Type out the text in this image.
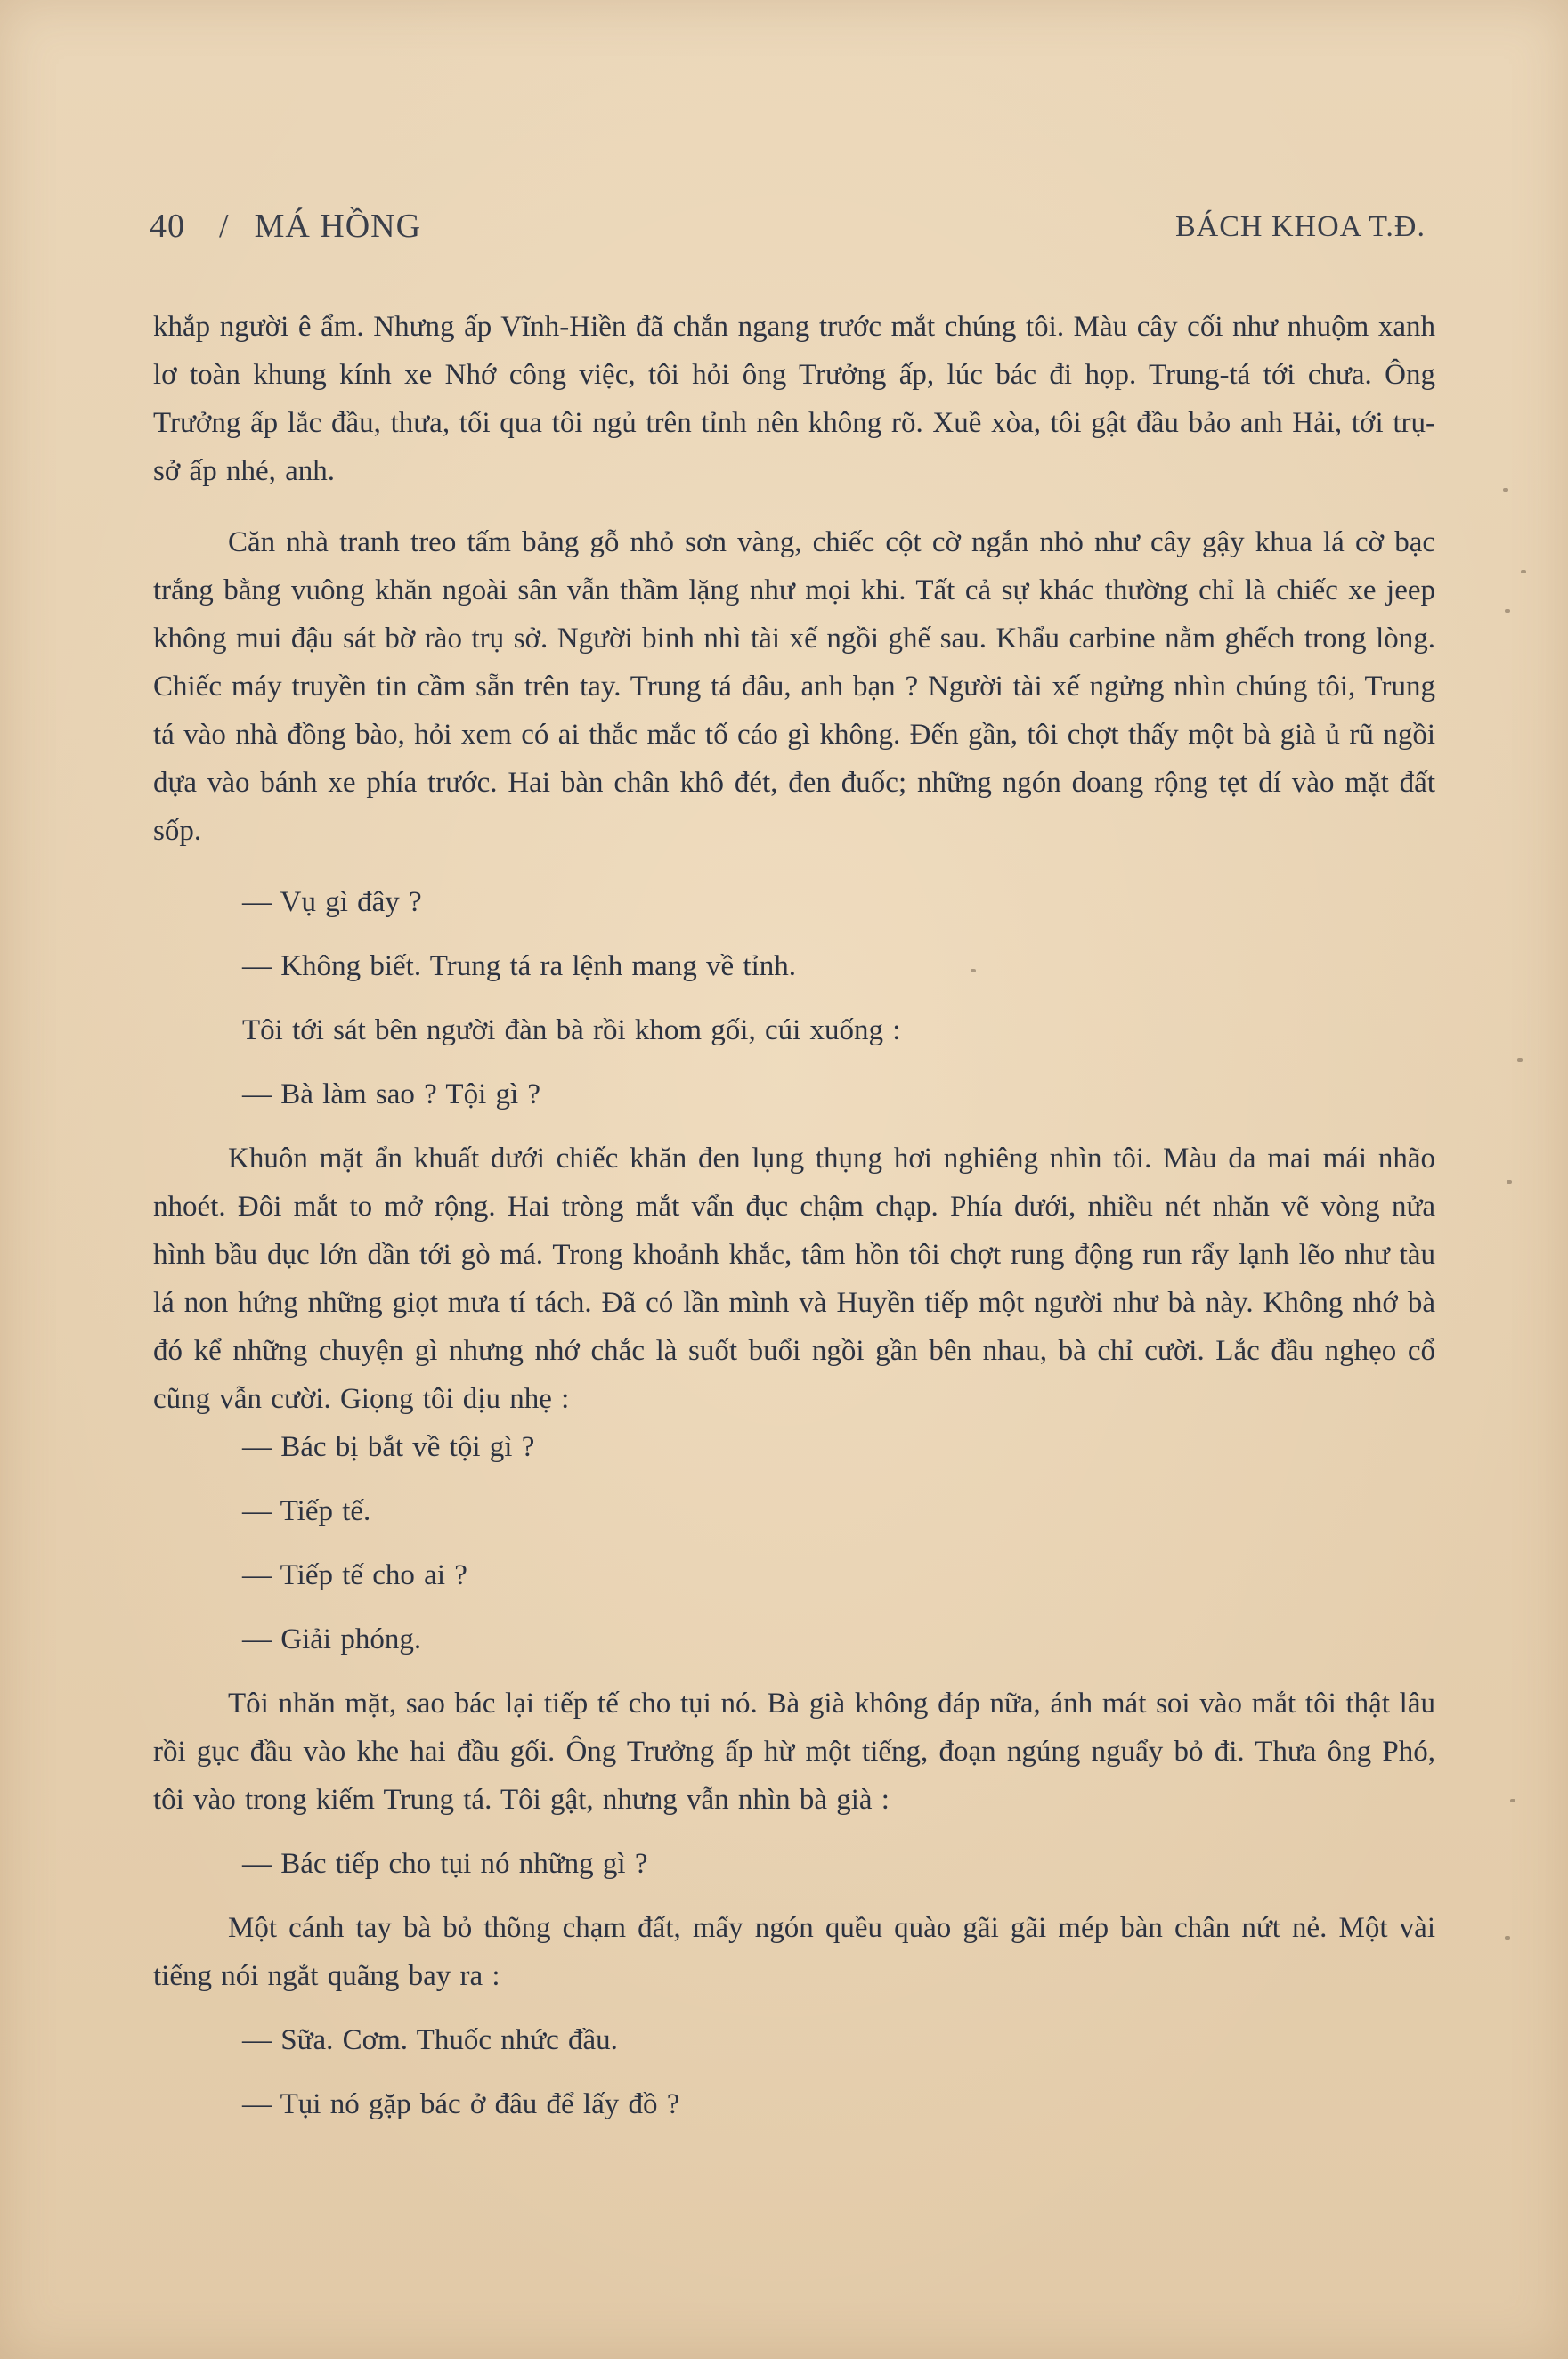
40 / MÁ HỒNG	BÁCH KHOA T.Đ.

khắp người ê ẩm. Nhưng ấp Vĩnh-Hiền đã chắn ngang trước mắt chúng tôi. Màu cây cối như nhuộm xanh lơ toàn khung kính xe Nhớ công việc, tôi hỏi ông Trưởng ấp, lúc bác đi họp. Trung-tá tới chưa. Ông Trưởng ấp lắc đầu, thưa, tối qua tôi ngủ trên tỉnh nên không rõ. Xuề xòa, tôi gật đầu bảo anh Hải, tới trụ-sở ấp nhé, anh.

Căn nhà tranh treo tấm bảng gỗ nhỏ sơn vàng, chiếc cột cờ ngắn nhỏ như cây gậy khua lá cờ bạc trắng bằng vuông khăn ngoài sân vẫn thầm lặng như mọi khi. Tất cả sự khác thường chỉ là chiếc xe jeep không mui đậu sát bờ rào trụ sở. Người binh nhì tài xế ngồi ghế sau. Khẩu carbine nằm ghếch trong lòng. Chiếc máy truyền tin cầm sẵn trên tay. Trung tá đâu, anh bạn ? Người tài xế ngửng nhìn chúng tôi, Trung tá vào nhà đồng bào, hỏi xem có ai thắc mắc tố cáo gì không. Đến gần, tôi chợt thấy một bà già ủ rũ ngồi dựa vào bánh xe phía trước. Hai bàn chân khô đét, đen đuốc; những ngón doang rộng tẹt dí vào mặt đất sốp.

— Vụ gì đây ?

— Không biết. Trung tá ra lệnh mang về tỉnh.

Tôi tới sát bên người đàn bà rồi khom gối, cúi xuống :

— Bà làm sao ? Tội gì ?

Khuôn mặt ẩn khuất dưới chiếc khăn đen lụng thụng hơi nghiêng nhìn tôi. Màu da mai mái nhão nhoét. Đôi mắt to mở rộng. Hai tròng mắt vẩn đục chậm chạp. Phía dưới, nhiều nét nhăn vẽ vòng nửa hình bầu dục lớn dần tới gò má. Trong khoảnh khắc, tâm hồn tôi chợt rung động run rẩy lạnh lẽo như tàu lá non hứng những giọt mưa tí tách. Đã có lần mình và Huyền tiếp một người như bà này. Không nhớ bà đó kể những chuyện gì nhưng nhớ chắc là suốt buổi ngồi gần bên nhau, bà chỉ cười. Lắc đầu nghẹo cổ cũng vẫn cười. Giọng tôi dịu nhẹ :

— Bác bị bắt về tội gì ?

— Tiếp tế.

— Tiếp tế cho ai ?

— Giải phóng.

Tôi nhăn mặt, sao bác lại tiếp tế cho tụi nó. Bà già không đáp nữa, ánh mát soi vào mắt tôi thật lâu rồi gục đầu vào khe hai đầu gối. Ông Trưởng ấp hừ một tiếng, đoạn ngúng nguẩy bỏ đi. Thưa ông Phó, tôi vào trong kiếm Trung tá. Tôi gật, nhưng vẫn nhìn bà già :

— Bác tiếp cho tụi nó những gì ?

Một cánh tay bà bỏ thõng chạm đất, mấy ngón quều quào gãi gãi mép bàn chân nứt nẻ. Một vài tiếng nói ngắt quãng bay ra :

— Sữa. Cơm. Thuốc nhức đầu.

— Tụi nó gặp bác ở đâu để lấy đồ ?
